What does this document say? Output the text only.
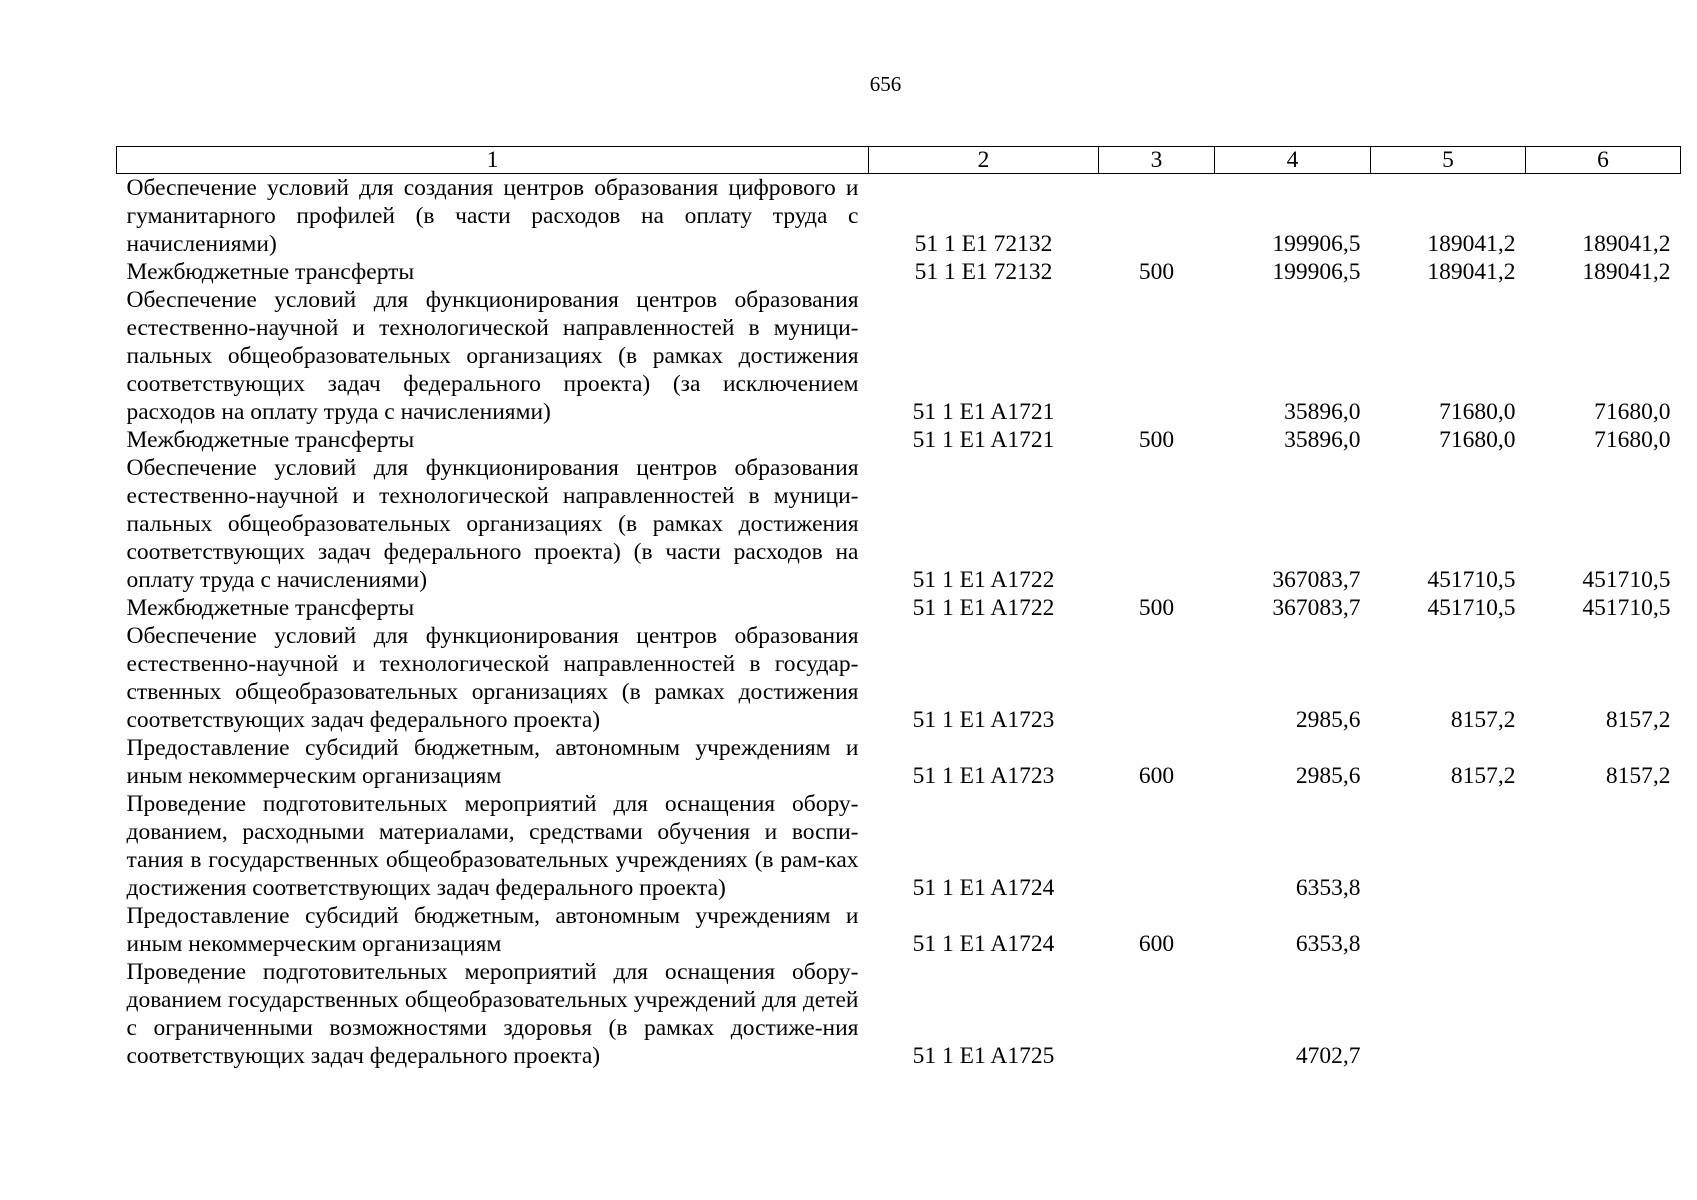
656
1	2	3	4	5	6
Обеспечение условий для создания центров образования цифрового и гуманитарного профилей (в части расходов на оплату труда с начислениями)	51 1 E1 72132		199906,5	189041,2	189041,2
Межбюджетные трансферты	51 1 E1 72132	500	199906,5	189041,2	189041,2
Обеспечение условий для функционирования центров образования естественно-научной и технологической направленностей в муници-пальных общеобразовательных организациях (в рамках достижения соответствующих задач федерального проекта) (за исключением расходов на оплату труда с начислениями)	51 1 E1 A1721		35896,0	71680,0	71680,0
Межбюджетные трансферты	51 1 E1 A1721	500	35896,0	71680,0	71680,0
Обеспечение условий для функционирования центров образования естественно-научной и технологической направленностей в муници-пальных общеобразовательных организациях (в рамках достижения соответствующих задач федерального проекта) (в части расходов на оплату труда с начислениями)	51 1 E1 A1722		367083,7	451710,5	451710,5
Межбюджетные трансферты	51 1 E1 A1722	500	367083,7	451710,5	451710,5
Обеспечение условий для функционирования центров образования естественно-научной и технологической направленностей в государ-ственных общеобразовательных организациях (в рамках достижения соответствующих задач федерального проекта)	51 1 E1 A1723		2985,6	8157,2	8157,2
Предоставление субсидий бюджетным, автономным учреждениям и иным некоммерческим организациям	51 1 E1 A1723	600	2985,6	8157,2	8157,2
Проведение подготовительных мероприятий для оснащения обору-дованием, расходными материалами, средствами обучения и воспи-тания в государственных общеобразовательных учреждениях (в рам-ках достижения соответствующих задач федерального проекта)	51 1 E1 A1724		6353,8		
Предоставление субсидий бюджетным, автономным учреждениям и иным некоммерческим организациям	51 1 E1 A1724	600	6353,8		
Проведение подготовительных мероприятий для оснащения обору-дованием государственных общеобразовательных учреждений для детей с ограниченными возможностями здоровья (в рамках достиже-ния соответствующих задач федерального проекта)	51 1 E1 A1725		4702,7		
